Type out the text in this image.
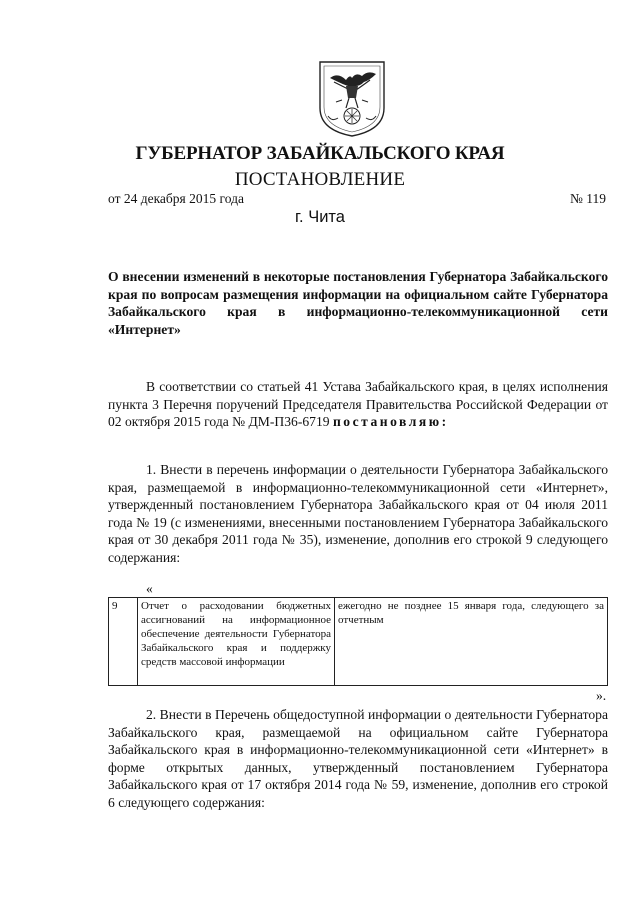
ГУБЕРНАТОР ЗАБАЙКАЛЬСКОГО КРАЯ
ПОСТАНОВЛЕНИЕ
от 24 декабря 2015 года	№ 119
г. Чита
О внесении изменений в некоторые постановления Губернатора Забайкальского края по вопросам размещения информации на официальном сайте Губернатора Забайкальского края в информационно-телекоммуникационной сети «Интернет»
В соответствии со статьей 41 Устава Забайкальского края, в целях исполнения пункта 3 Перечня поручений Председателя Правительства Российской Федерации от 02 октября 2015 года № ДМ-П36-6719 постановляю:
1. Внести в перечень информации о деятельности Губернатора Забайкальского края, размещаемой в информационно-телекоммуникационной сети «Интернет», утвержденный постановлением Губернатора Забайкальского края от 04 июля 2011 года № 19 (с изменениями, внесенными постановлением Губернатора Забайкальского края от 30 декабря 2011 года № 35), изменение, дополнив его строкой 9 следующего содержания:
«
9	Отчет о расходовании бюджетных ассигнований на информационное обеспечение деятельности Губернатора Забайкальского края и поддержку средств массовой информации	ежегодно не позднее 15 января года, следующего за отчетным
».
2. Внести в Перечень общедоступной информации о деятельности Губернатора Забайкальского края, размещаемой на официальном сайте Губернатора Забайкальского края в информационно-телекоммуникационной сети «Интернет» в форме открытых данных, утвержденный постановлением Губернатора Забайкальского края от 17 октября 2014 года № 59, изменение, дополнив его строкой 6 следующего содержания:
